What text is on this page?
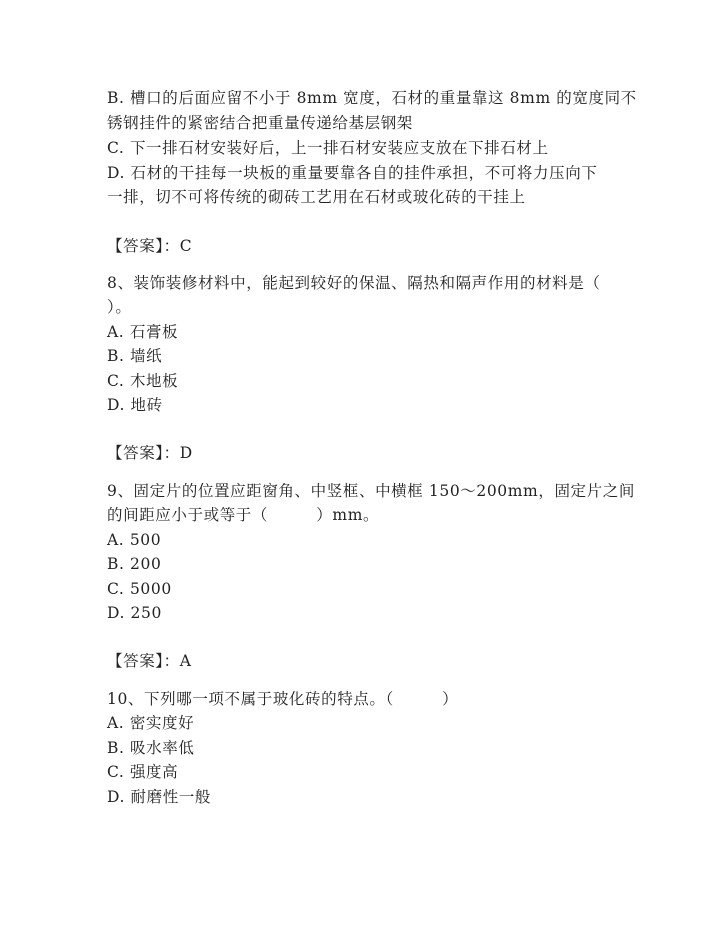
B. 槽口的后面应留不小于 8mm 宽度，石材的重量靠这 8mm 的宽度同不
锈钢挂件的紧密结合把重量传递给基层钢架
C. 下一排石材安装好后，上一排石材安装应支放在下排石材上
D. 石材的干挂每一块板的重量要靠各自的挂件承担，不可将力压向下
一排，切不可将传统的砌砖工艺用在石材或玻化砖的干挂上
【答案】：C
8、装饰装修材料中，能起到较好的保温、隔热和隔声作用的材料是（
）。
A. 石膏板
B. 墙纸
C. 木地板
D. 地砖
【答案】：D
9、固定片的位置应距窗角、中竖框、中横框 150～200mm，固定片之间
的间距应小于或等于（　　　）mm。
A. 500
B. 200
C. 5000
D. 250
【答案】：A
10、下列哪一项不属于玻化砖的特点。（　　　）
A. 密实度好
B. 吸水率低
C. 强度高
D. 耐磨性一般
